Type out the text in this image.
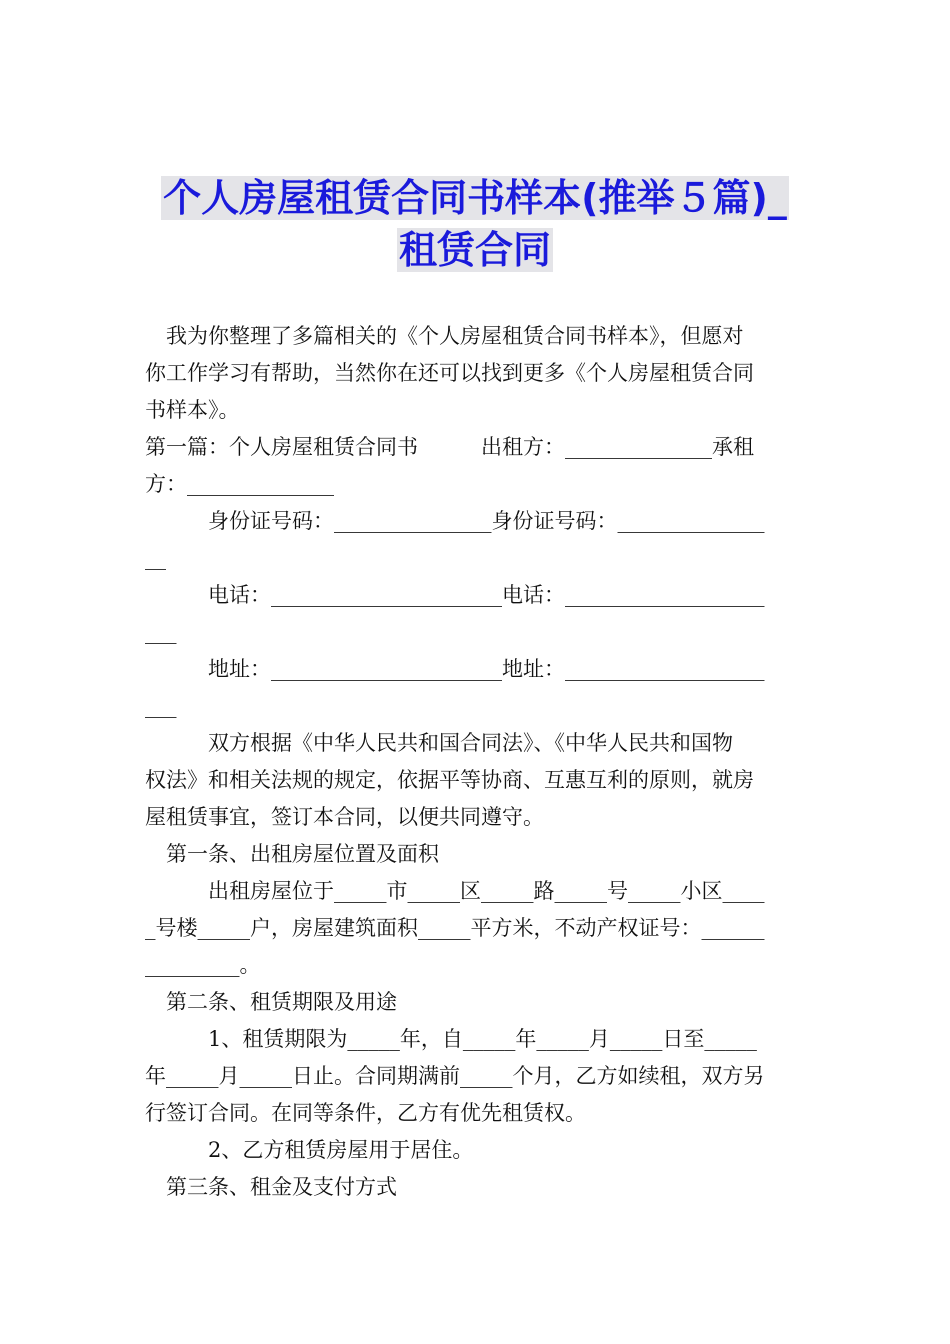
个人房屋租赁合同书样本(推举５篇)_
租赁合同
　我为你整理了多篇相关的《个人房屋租赁合同书样本》，但愿对
你工作学习有帮助，当然你在还可以找到更多《个人房屋租赁合同
书样本》。
第一篇：个人房屋租赁合同书　　　出租方：______________承租
方：______________
　　　身份证号码：_______________身份证号码：______________
__
　　　电话：______________________电话：___________________
___
　　　地址：______________________地址：___________________
___
　　　双方根据《中华人民共和国合同法》、《中华人民共和国物
权法》和相关法规的规定，依据平等协商、互惠互利的原则，就房
屋租赁事宜，签订本合同，以便共同遵守。
　第一条、出租房屋位置及面积
　　　出租房屋位于_____市_____区_____路_____号_____小区____
_号楼_____户，房屋建筑面积_____平方米，不动产权证号：______
_________。
　第二条、租赁期限及用途
　　　1、租赁期限为_____年，自_____年_____月_____日至_____
年_____月_____日止。合同期满前_____个月，乙方如续租，双方另
行签订合同。在同等条件，乙方有优先租赁权。
　　　2、乙方租赁房屋用于居住。
　第三条、租金及支付方式
